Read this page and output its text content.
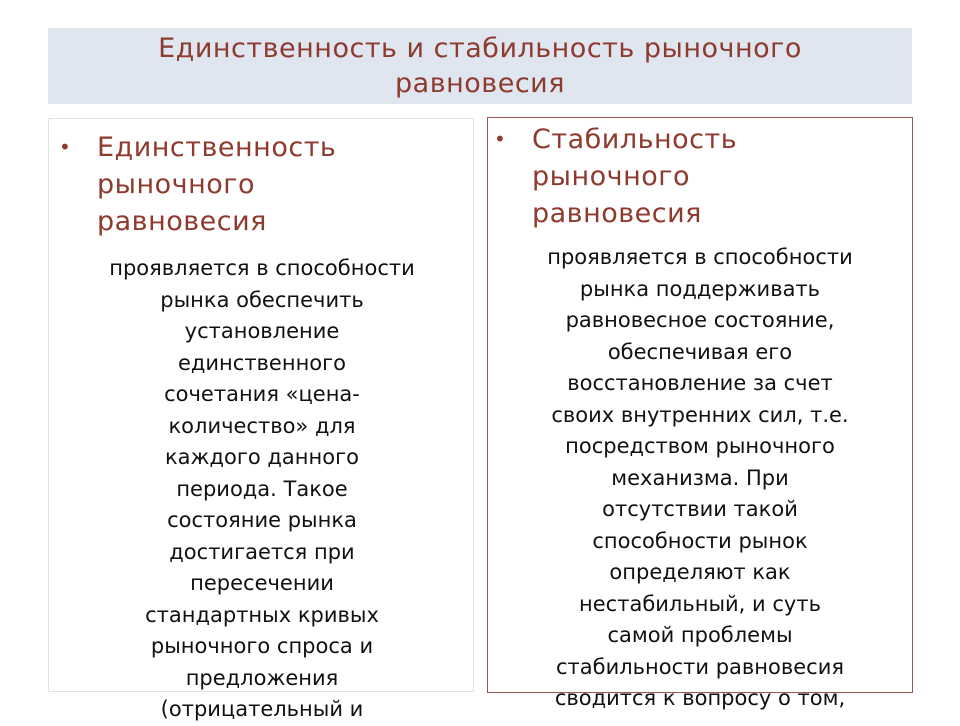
Единственность и стабильность рыночного равновесия
• Единственность рыночного равновесия
проявляется в способности
рынка обеспечить
установление
единственного
сочетания «цена-
количество» для
каждого данного
периода. Такое
состояние рынка
достигается при
пересечении
стандартных кривых
рыночного спроса и
предложения
(отрицательный и
• Стабильность рыночного равновесия
проявляется в способности
рынка поддерживать
равновесное состояние,
обеспечивая его
восстановление за счет
своих внутренних сил, т.е.
посредством рыночного
механизма. При
отсутствии такой
способности рынок
определяют как
нестабильный, и суть
самой проблемы
стабильности равновесия
сводится к вопросу о том,
